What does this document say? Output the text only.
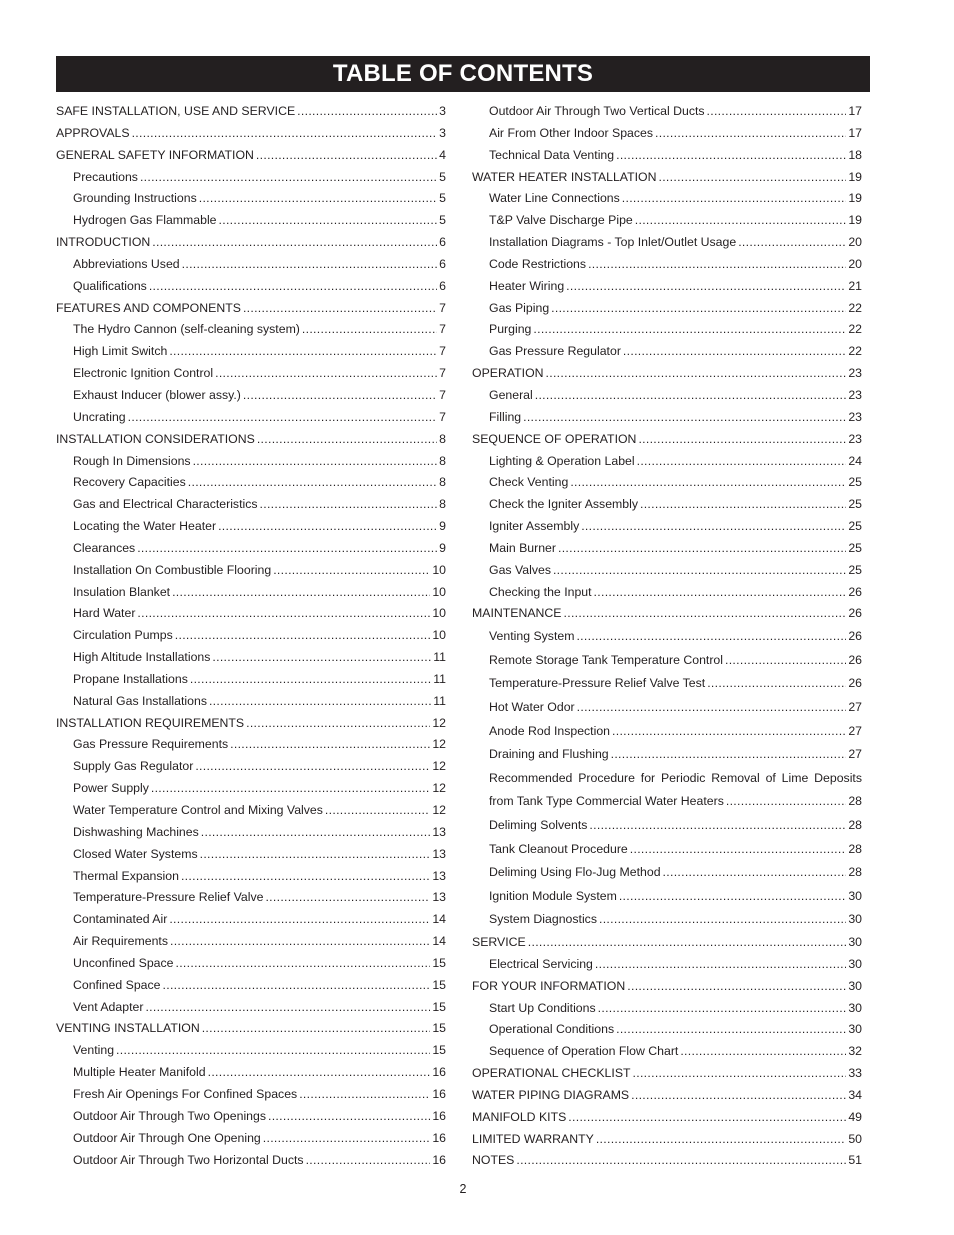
TABLE OF CONTENTS
SAFE INSTALLATION, USE AND SERVICE .....	3
APPROVALS .....	3
GENERAL SAFETY INFORMATION .....	4
Precautions .....	5
Grounding Instructions .....	5
Hydrogen Gas Flammable .....	5
INTRODUCTION .....	6
Abbreviations Used .....	6
Qualifications .....	6
FEATURES AND COMPONENTS .....	7
The Hydro Cannon (self-cleaning system) .....	7
High Limit Switch .....	7
Electronic Ignition Control .....	7
Exhaust Inducer (blower assy.) .....	7
Uncrating .....	7
INSTALLATION CONSIDERATIONS .....	8
Rough In Dimensions .....	8
Recovery Capacities .....	8
Gas and Electrical Characteristics .....	8
Locating the Water Heater .....	9
Clearances .....	9
Installation On Combustible Flooring .....	10
Insulation Blanket .....	10
Hard Water .....	10
Circulation Pumps .....	10
High Altitude Installations .....	11
Propane Installations .....	11
Natural Gas Installations .....	11
INSTALLATION REQUIREMENTS .....	12
Gas Pressure Requirements .....	12
Supply Gas Regulator .....	12
Power Supply .....	12
Water Temperature Control and Mixing Valves .....	12
Dishwashing Machines .....	13
Closed Water Systems .....	13
Thermal Expansion .....	13
Temperature-Pressure Relief Valve .....	13
Contaminated Air .....	14
Air Requirements .....	14
Unconfined Space .....	15
Confined Space .....	15
Vent Adapter .....	15
VENTING INSTALLATION .....	15
Venting .....	15
Multiple Heater Manifold .....	16
Fresh Air Openings For Confined Spaces .....	16
Outdoor Air Through Two Openings .....	16
Outdoor Air Through One Opening .....	16
Outdoor Air Through Two Horizontal Ducts .....	16
Outdoor Air Through Two Vertical Ducts .....	17
Air From Other Indoor Spaces .....	17
Technical Data Venting .....	18
WATER HEATER INSTALLATION .....	19
Water Line Connections .....	19
T&P Valve Discharge Pipe .....	19
Installation Diagrams - Top Inlet/Outlet Usage .....	20
Code Restrictions .....	20
Heater Wiring .....	21
Gas Piping .....	22
Purging .....	22
Gas Pressure Regulator .....	22
OPERATION .....	23
General .....	23
Filling .....	23
SEQUENCE OF OPERATION .....	23
Lighting & Operation Label .....	24
Check Venting .....	25
Check the Igniter Assembly .....	25
Igniter Assembly .....	25
Main Burner .....	25
Gas Valves .....	25
Checking the Input .....	26
MAINTENANCE .....	26
Venting System .....	26
Remote Storage Tank Temperature Control .....	26
Temperature-Pressure Relief Valve Test .....	26
Hot Water Odor .....	27
Anode Rod Inspection .....	27
Draining and Flushing .....	27
Recommended Procedure for Periodic Removal of Lime Deposits
from Tank Type Commercial Water Heaters .....	28
Deliming Solvents .....	28
Tank Cleanout Procedure .....	28
Deliming Using Flo-Jug Method .....	28
Ignition Module System .....	30
System Diagnostics .....	30
SERVICE .....	30
Electrical Servicing .....	30
FOR YOUR INFORMATION .....	30
Start Up Conditions .....	30
Operational Conditions .....	30
Sequence of Operation Flow Chart .....	32
OPERATIONAL CHECKLIST .....	33
WATER PIPING DIAGRAMS .....	34
MANIFOLD KITS .....	49
LIMITED WARRANTY .....	50
NOTES .....	51
2
